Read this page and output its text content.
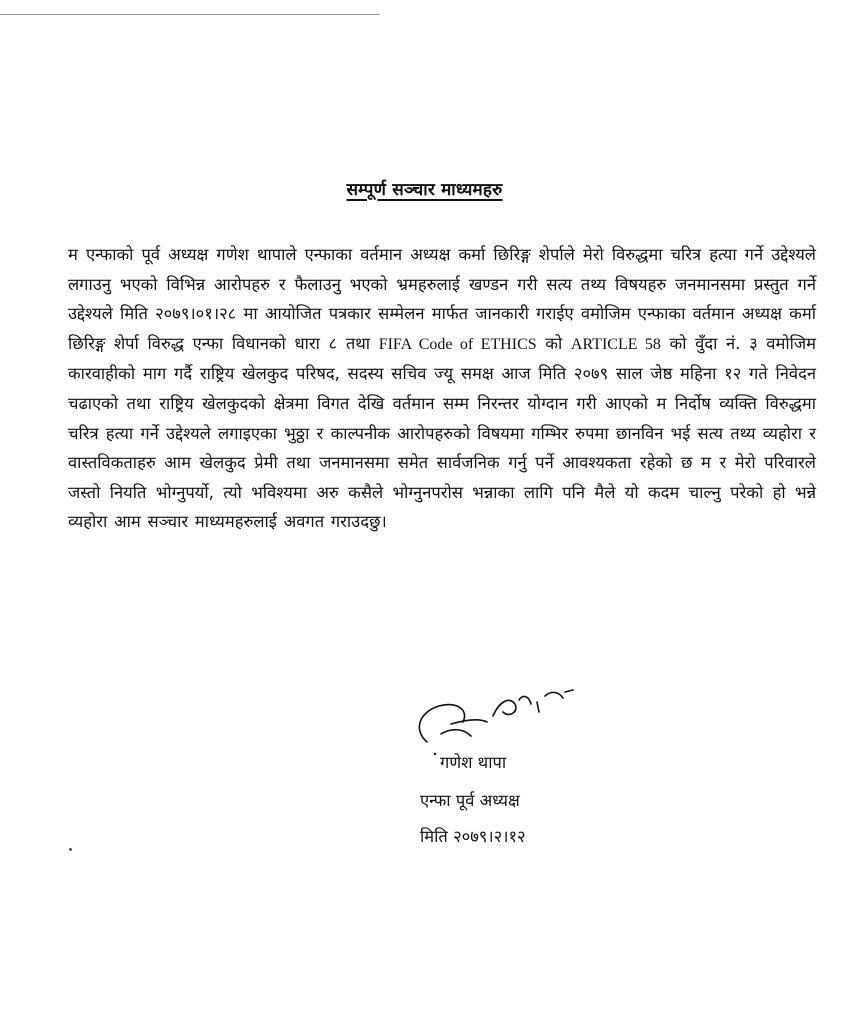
सम्पूर्ण सञ्चार माध्यमहरु
म एन्फाको पूर्व अध्यक्ष गणेश थापाले एन्फाका वर्तमान अध्यक्ष कर्मा छिरिङ्ग शेर्पाले मेरो विरुद्धमा चरित्र हत्या गर्ने उद्देश्यले लगाउनु भएको विभिन्न आरोपहरु र फैलाउनु भएको भ्रमहरुलाई खण्डन गरी सत्य तथ्य विषयहरु जनमानसमा प्रस्तुत गर्ने उद्देश्यले मिति २०७९।०१।२८ मा आयोजित पत्रकार सम्मेलन मार्फत जानकारी गराईए वमोजिम एन्फाका वर्तमान अध्यक्ष कर्मा छिरिङ्ग शेर्पा विरुद्ध एन्फा विधानको धारा ८ तथा FIFA Code of ETHICS को ARTICLE 58 को वुँदा नं. ३ वमोजिम कारवाहीको माग गर्दै राष्ट्रिय खेलकुद परिषद, सदस्य सचिव ज्यू समक्ष आज मिति २०७९ साल जेष्ठ महिना १२ गते निवेदन चढाएको तथा राष्ट्रिय खेलकुदको क्षेत्रमा विगत देखि वर्तमान सम्म निरन्तर योग्दान गरी आएको म निर्दोष व्यक्ति विरुद्धमा चरित्र हत्या गर्ने उद्देश्यले लगाइएका भुठ्ठा र काल्पनीक आरोपहरुको विषयमा गम्भिर रुपमा छानविन भई सत्य तथ्य व्यहोरा र वास्तविकताहरु आम खेलकुद प्रेमी तथा जनमानसमा समेत सार्वजनिक गर्नु पर्ने आवश्यकता रहेको छ म र मेरो परिवारले जस्तो नियति भोग्नुपर्यो, त्यो भविश्यमा अरु कसैले भोग्नुनपरोस भन्नाका लागि पनि मैले यो कदम चाल्नु परेको हो भन्ने व्यहोरा आम सञ्चार माध्यमहरुलाई अवगत गराउदछु।
गणेश थापा
एन्फा पूर्व अध्यक्ष
मिति २०७९।२।१२
